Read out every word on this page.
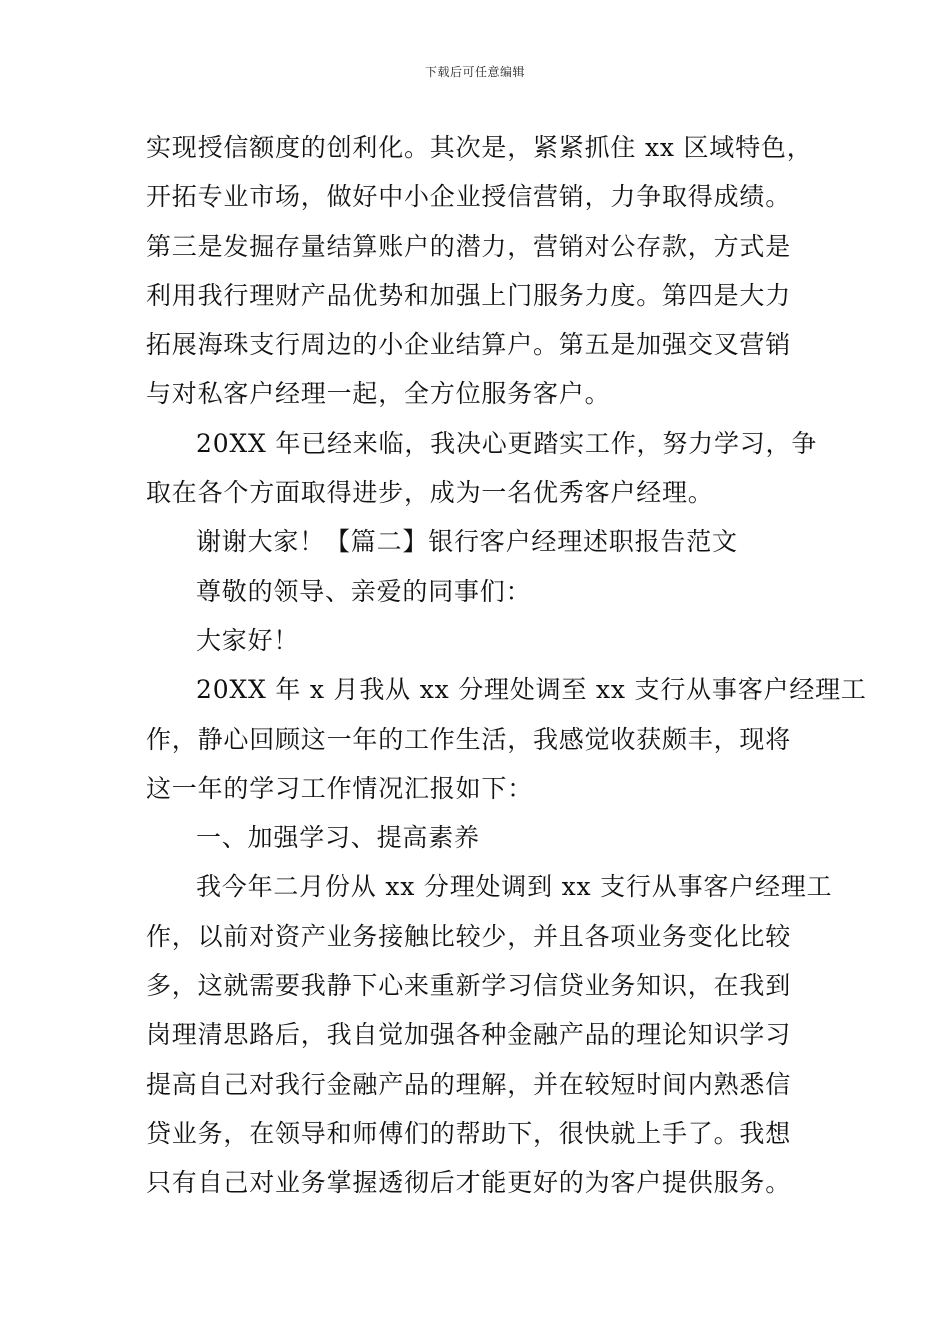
下载后可任意编辑
实现授信额度的创利化。其次是，紧紧抓住 xx 区域特色，
开拓专业市场，做好中小企业授信营销，力争取得成绩。
第三是发掘存量结算账户的潜力，营销对公存款，方式是
利用我行理财产品优势和加强上门服务力度。第四是大力
拓展海珠支行周边的小企业结算户。第五是加强交叉营销
与对私客户经理一起，全方位服务客户。
20XX 年已经来临，我决心更踏实工作，努力学习，争
取在各个方面取得进步，成为一名优秀客户经理。
谢谢大家！【篇二】银行客户经理述职报告范文
尊敬的领导、亲爱的同事们：
大家好！
20XX 年 x 月我从 xx 分理处调至 xx 支行从事客户经理工
作，静心回顾这一年的工作生活，我感觉收获颇丰，现将
这一年的学习工作情况汇报如下：
一、加强学习、提高素养
我今年二月份从 xx 分理处调到 xx 支行从事客户经理工
作，以前对资产业务接触比较少，并且各项业务变化比较
多，这就需要我静下心来重新学习信贷业务知识，在我到
岗理清思路后，我自觉加强各种金融产品的理论知识学习
提高自己对我行金融产品的理解，并在较短时间内熟悉信
贷业务，在领导和师傅们的帮助下，很快就上手了。我想
只有自己对业务掌握透彻后才能更好的为客户提供服务。
